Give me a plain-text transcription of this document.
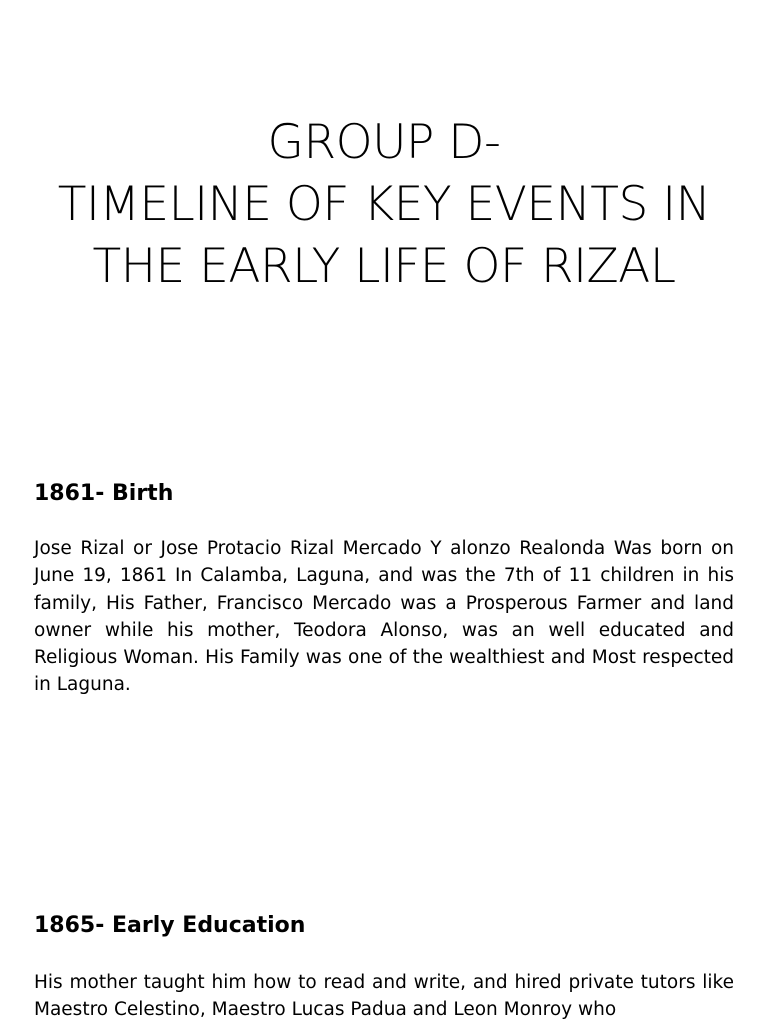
GROUP D-
TIMELINE OF KEY EVENTS IN
THE EARLY LIFE OF RIZAL
1861- Birth
Jose Rizal or Jose Protacio Rizal Mercado Y alonzo Realonda Was born on June 19, 1861 In Calamba, Laguna, and was the 7th of 11 children in his family, His Father, Francisco Mercado was a Prosperous Farmer and land owner while his mother, Teodora Alonso, was an well educated and Religious Woman. His Family was one of the wealthiest and Most respected in Laguna.
1865- Early Education
His mother taught him how to read and write, and hired private tutors like Maestro Celestino, Maestro Lucas Padua and Leon Monroy who
